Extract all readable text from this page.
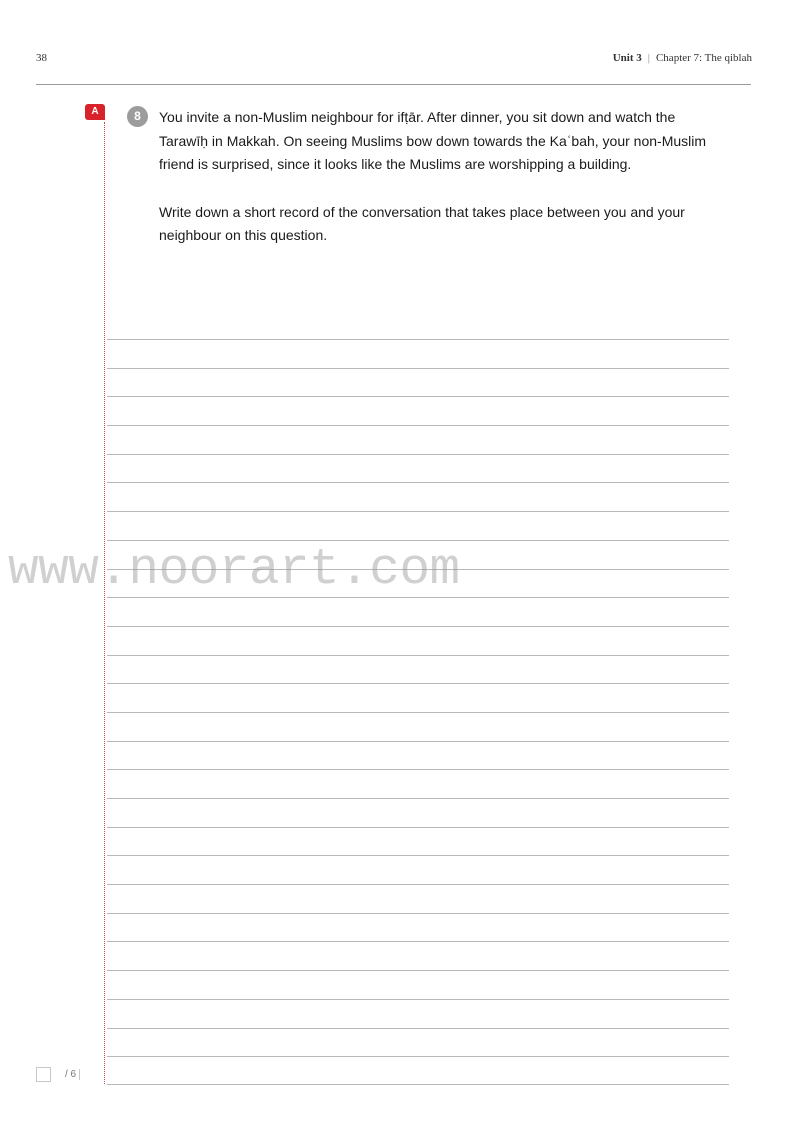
38	Unit 3 | Chapter 7: The qiblah
A	8	You invite a non-Muslim neighbour for ifṭār. After dinner, you sit down and watch the Tarawīḥ in Makkah. On seeing Muslims bow down towards the Kaʿbah, your non-Muslim friend is surprised, since it looks like the Muslims are worshipping a building.

Write down a short record of the conversation that takes place between you and your neighbour on this question.

www.noorart.com
/ 6
